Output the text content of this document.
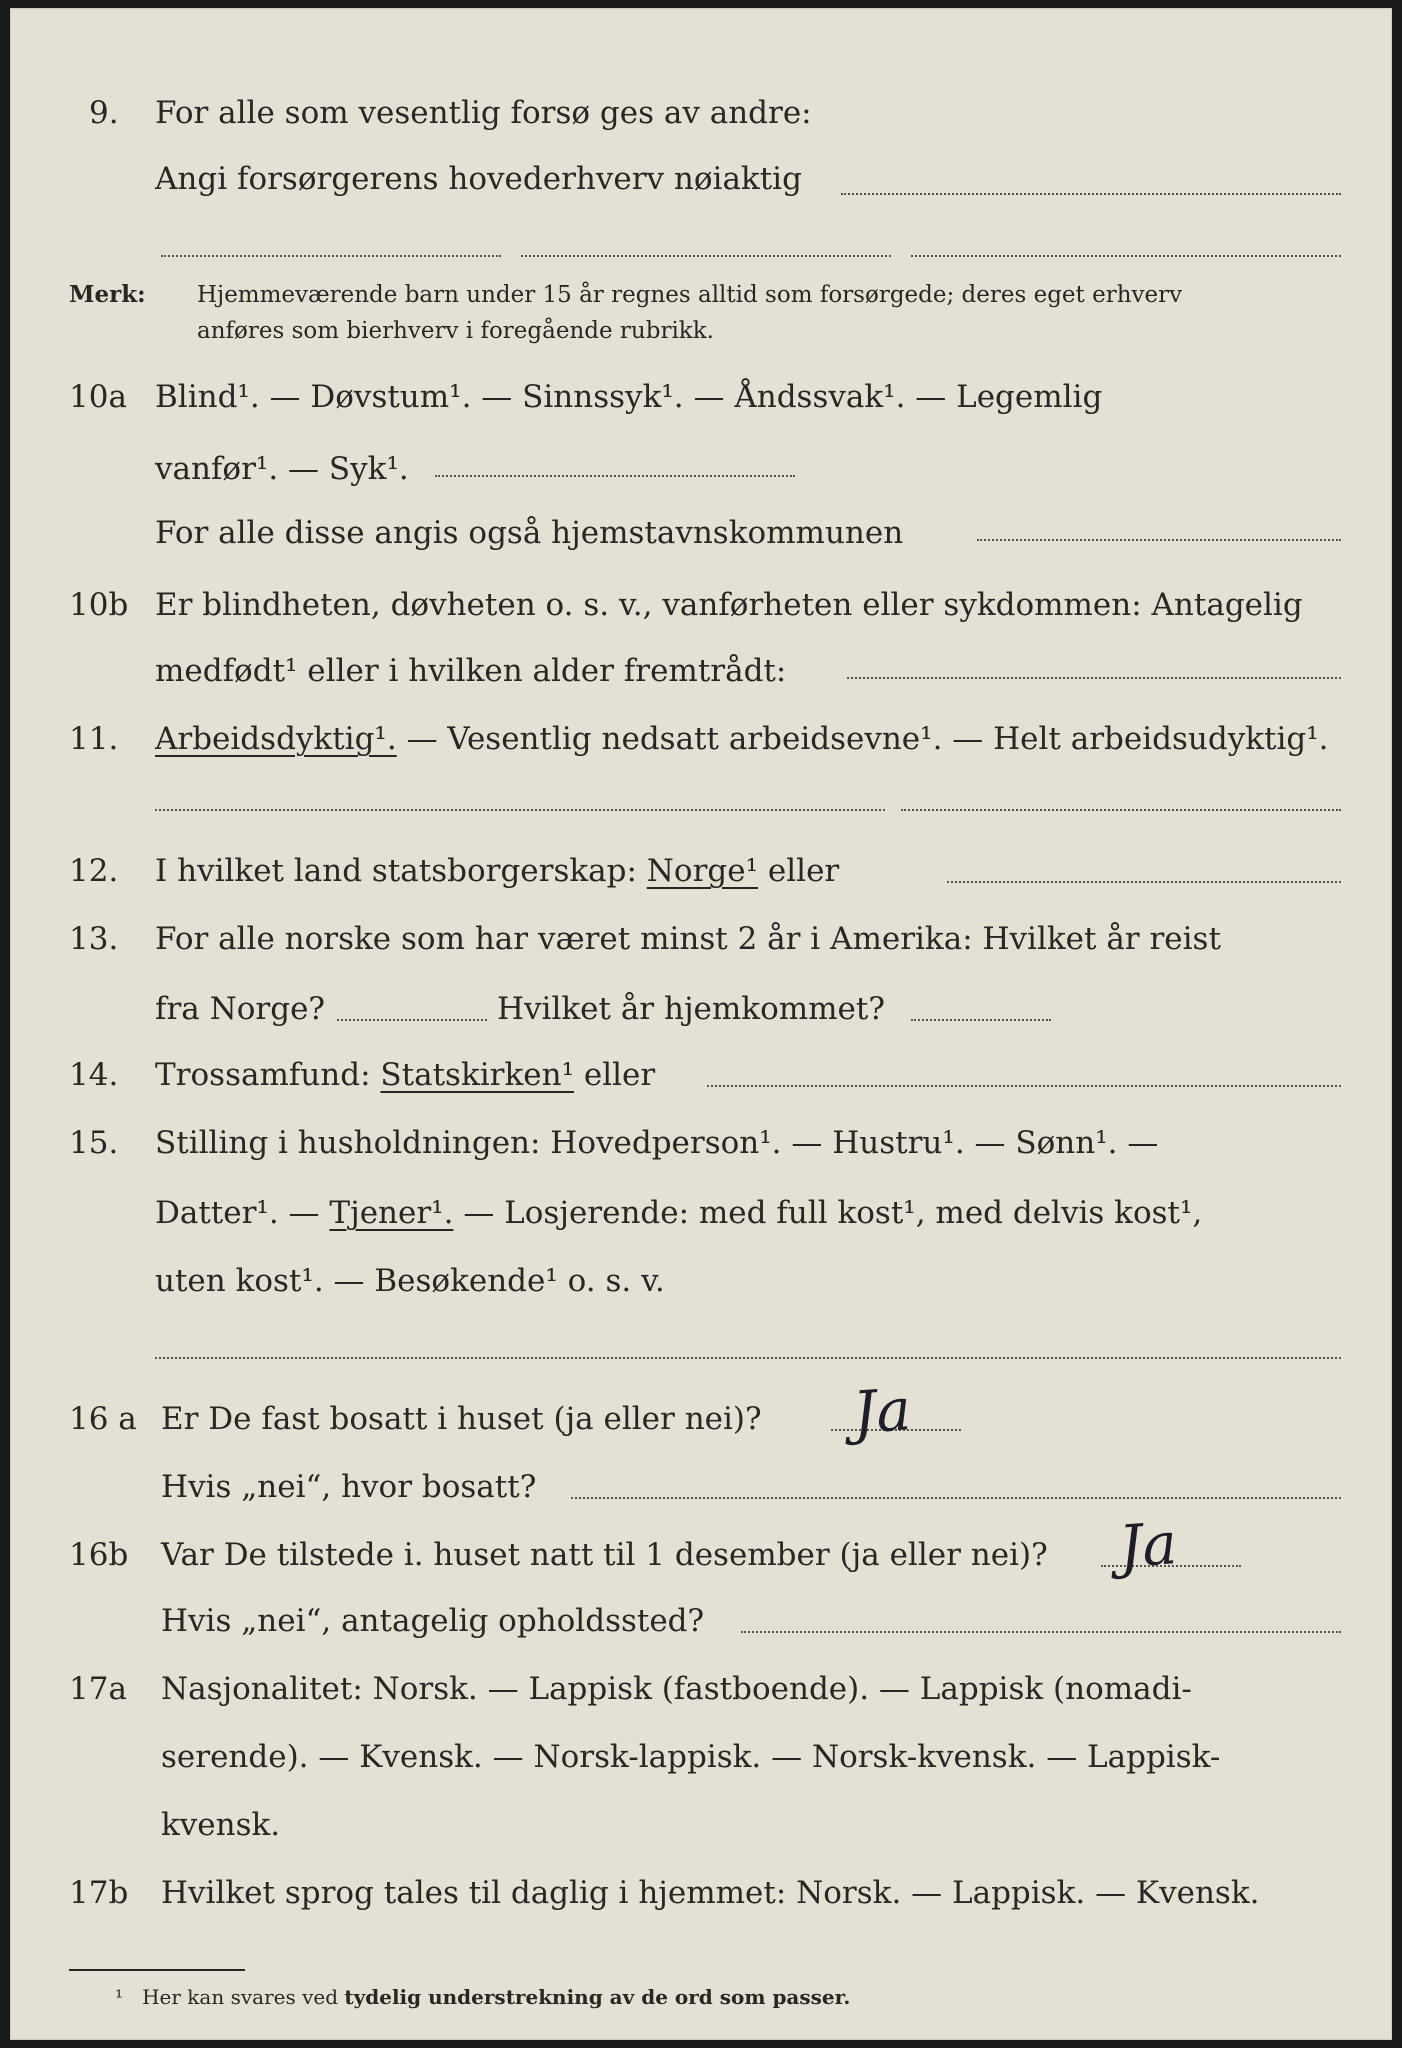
9. For alle som vesentlig forsø ges av andre:
Angi forsørgerens hovederhverv nøiaktig
Merk: Hjemmeværende barn under 15 år regnes alltid som forsørgede; deres eget erhverv
anføres som bierhverv i foregående rubrikk.
10a Blind¹. — Døvstum¹. — Sinnssyk¹. — Åndssvak¹. — Legemlig
vanfør¹. — Syk¹.
For alle disse angis også hjemstavnskommunen
10b Er blindheten, døvheten o. s. v., vanførheten eller sykdommen: Antagelig
medfødt¹ eller i hvilken alder fremtrådt:
11. Arbeidsdyktig¹. — Vesentlig nedsatt arbeidsevne¹. — Helt arbeidsudyktig¹.
12. I hvilket land statsborgerskap: Norge¹ eller
13. For alle norske som har været minst 2 år i Amerika: Hvilket år reist
fra Norge?	Hvilket år hjemkommet?
14. Trossamfund: Statskirken¹ eller
15. Stilling i husholdningen: Hovedperson¹. — Hustru¹. — Sønn¹. —
Datter¹. — Tjener¹. — Losjerende: med full kost¹, med delvis kost¹,
uten kost¹. — Besøkende¹ o. s. v.
16 a Er De fast bosatt i huset (ja eller nei)? Ja
Hvis „nei“, hvor bosatt?
16b Var De tilstede i. huset natt til 1 desember (ja eller nei)? Ja
Hvis „nei“, antagelig opholdssted?
17a Nasjonalitet: Norsk. — Lappisk (fastboende). — Lappisk (nomadi-
serende). — Kvensk. — Norsk-lappisk. — Norsk-kvensk. — Lappisk-
kvensk.
17b Hvilket sprog tales til daglig i hjemmet: Norsk. — Lappisk. — Kvensk.
¹ Her kan svares ved tydelig understrekning av de ord som passer.
